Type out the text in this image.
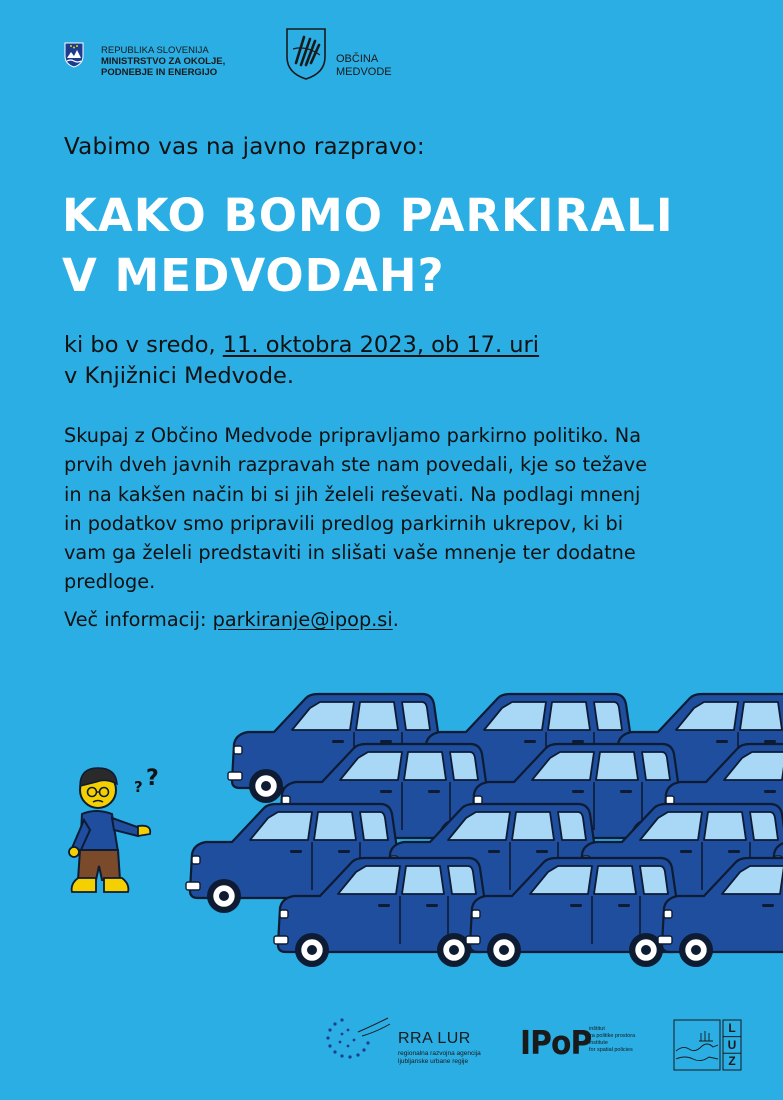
REPUBLIKA SLOVENIJA
MINISTRSTVO ZA OKOLJE,
PODNEBJE IN ENERGIJO
OBČINA
MEDVODE
Vabimo vas na javno razpravo:
KAKO BOMO PARKIRALI
V MEDVODAH?
ki bo v sredo, 11. oktobra 2023, ob 17. uri
v Knjižnici Medvode.
Skupaj z Občino Medvode pripravljamo parkirno politiko. Na
prvih dveh javnih razpravah ste nam povedali, kje so težave
in na kakšen način bi si jih želeli reševati. Na podlagi mnenj
in podatkov smo pripravili predlog parkirnih ukrepov, ki bi
vam ga želeli predstaviti in slišati vaše mnenje ter dodatne
predloge.
Več informacij: parkiranje@ipop.si.
? ?
RRA LUR
regionalna razvojna agencija
ljubljanske urbane regije	IPoP
inštitut
za politike prostora
institute
for spatial policies
L
U
Z
